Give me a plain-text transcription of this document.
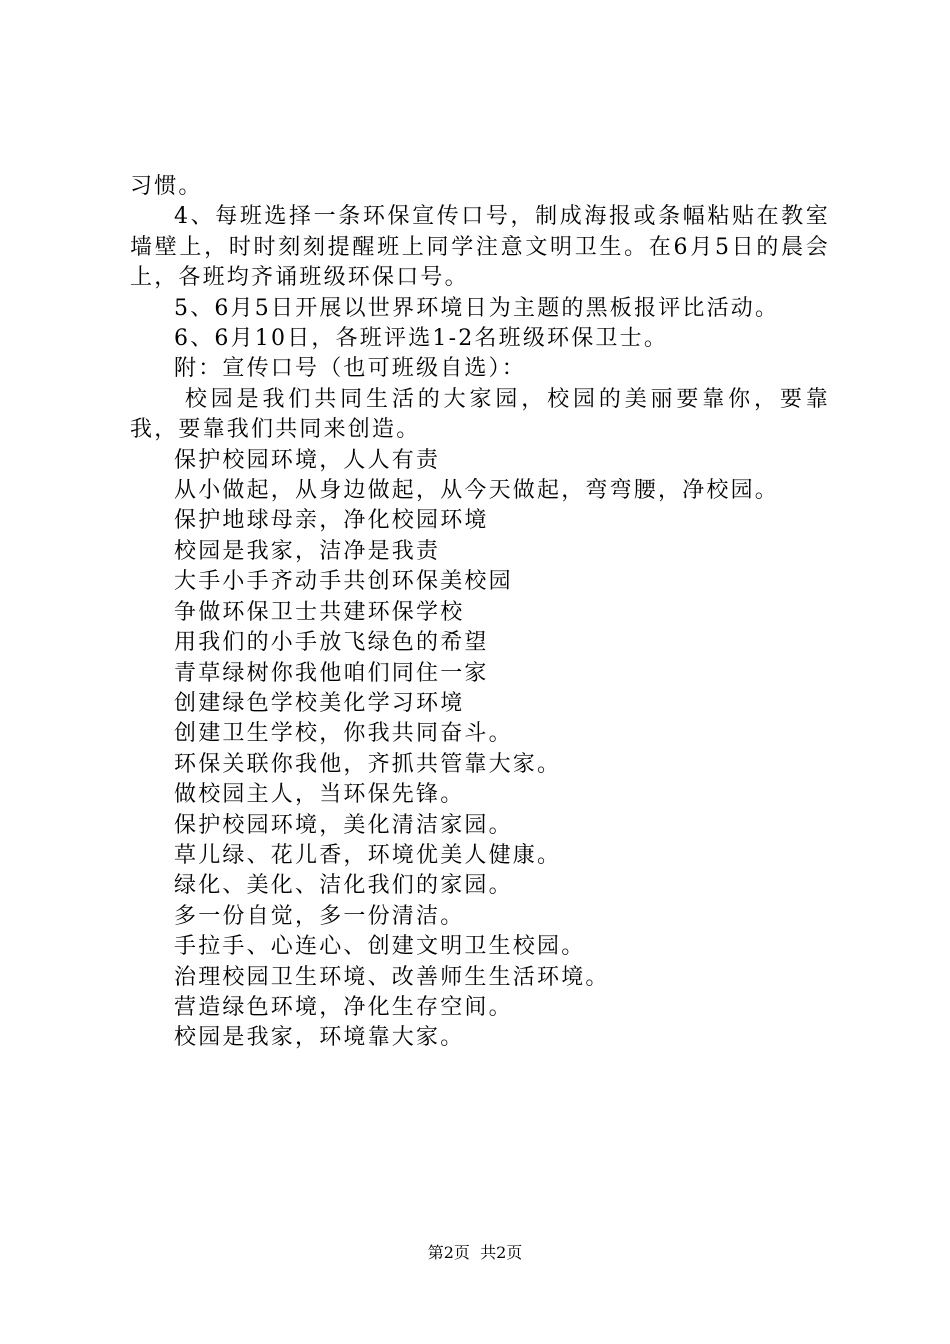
习惯。

4、每班选择一条环保宣传口号，制成海报或条幅粘贴在教室墙壁上，时时刻刻提醒班上同学注意文明卫生。在6月5日的晨会上，各班均齐诵班级环保口号。

5、6月5日开展以世界环境日为主题的黑板报评比活动。

6、6月10日，各班评选1-2名班级环保卫士。

附：宣传口号（也可班级自选）：

校园是我们共同生活的大家园，校园的美丽要靠你，要靠我，要靠我们共同来创造。

保护校园环境，人人有责

从小做起，从身边做起，从今天做起，弯弯腰，净校园。

保护地球母亲，净化校园环境

校园是我家，洁净是我责

大手小手齐动手共创环保美校园

争做环保卫士共建环保学校

用我们的小手放飞绿色的希望

青草绿树你我他咱们同住一家

创建绿色学校美化学习环境

创建卫生学校，你我共同奋斗。

环保关联你我他，齐抓共管靠大家。

做校园主人，当环保先锋。

保护校园环境，美化清洁家园。

草儿绿、花儿香，环境优美人健康。

绿化、美化、洁化我们的家园。

多一份自觉，多一份清洁。

手拉手、心连心、创建文明卫生校园。

治理校园卫生环境、改善师生生活环境。

营造绿色环境，净化生存空间。

校园是我家，环境靠大家。

第2页  共2页
